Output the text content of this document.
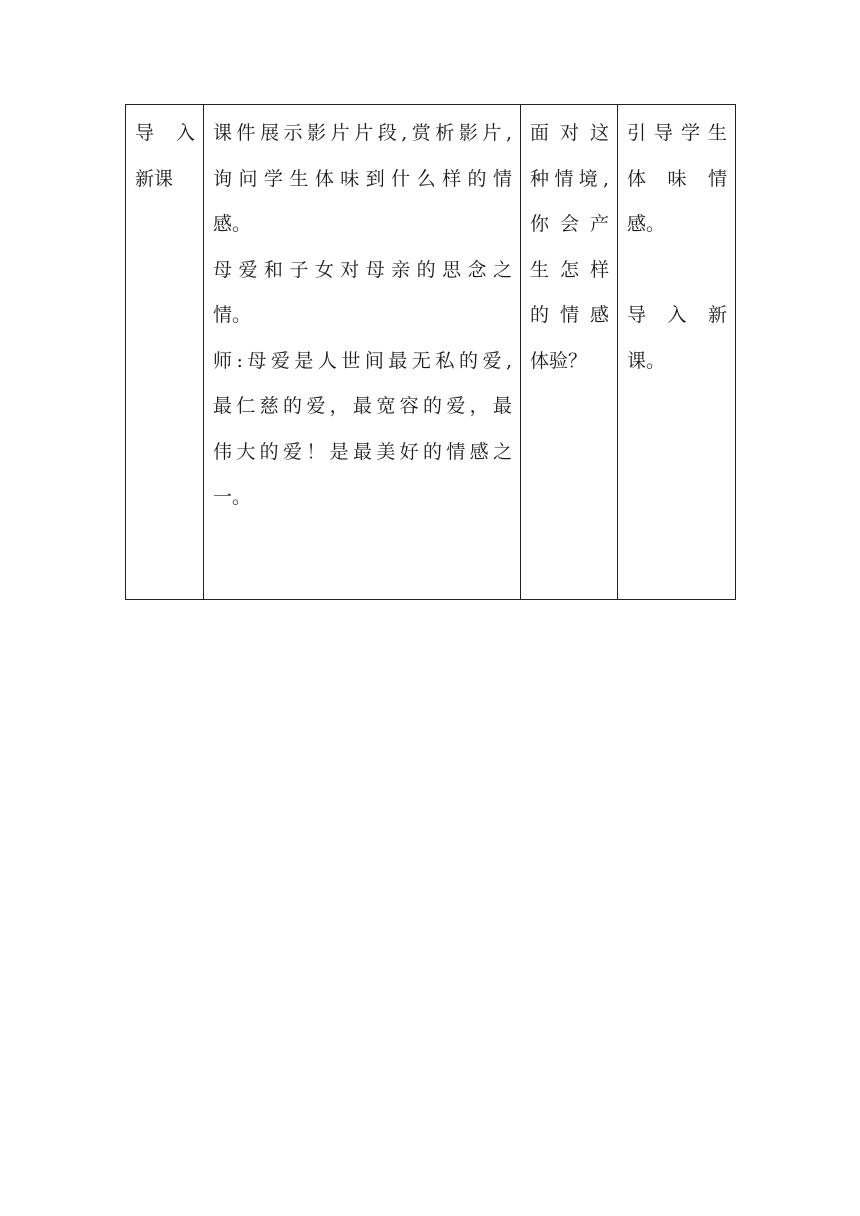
导 入
新课

课件展示影片片段,赏析影片,
询问学生体味到什么样的情
感。
母爱和子女对母亲的思念之
情。
师:母爱是人世间最无私的爱,
最仁慈的爱，最宽容的爱，最
伟大的爱！是最美好的情感之
一。

面 对 这
种情境,
你 会 产
生 怎 样
的 情 感
体验？

引导学生
体 味 情
感。
导 入 新
课。
